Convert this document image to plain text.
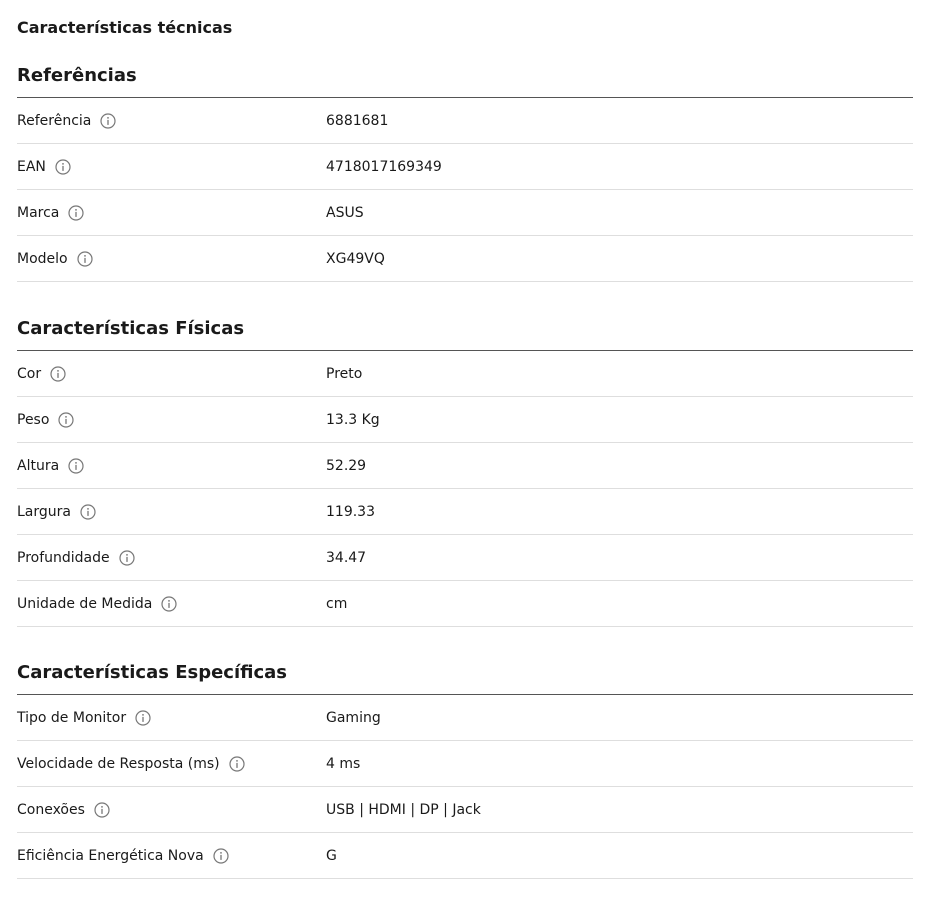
Características técnicas
Referências
Referência	6881681
EAN	4718017169349
Marca	ASUS
Modelo	XG49VQ
Características Físicas
Cor	Preto
Peso	13.3 Kg
Altura	52.29
Largura	119.33
Profundidade	34.47
Unidade de Medida	cm
Características Específicas
Tipo de Monitor	Gaming
Velocidade de Resposta (ms)	4 ms
Conexões	USB | HDMI | DP | Jack
Eficiência Energética Nova	G
